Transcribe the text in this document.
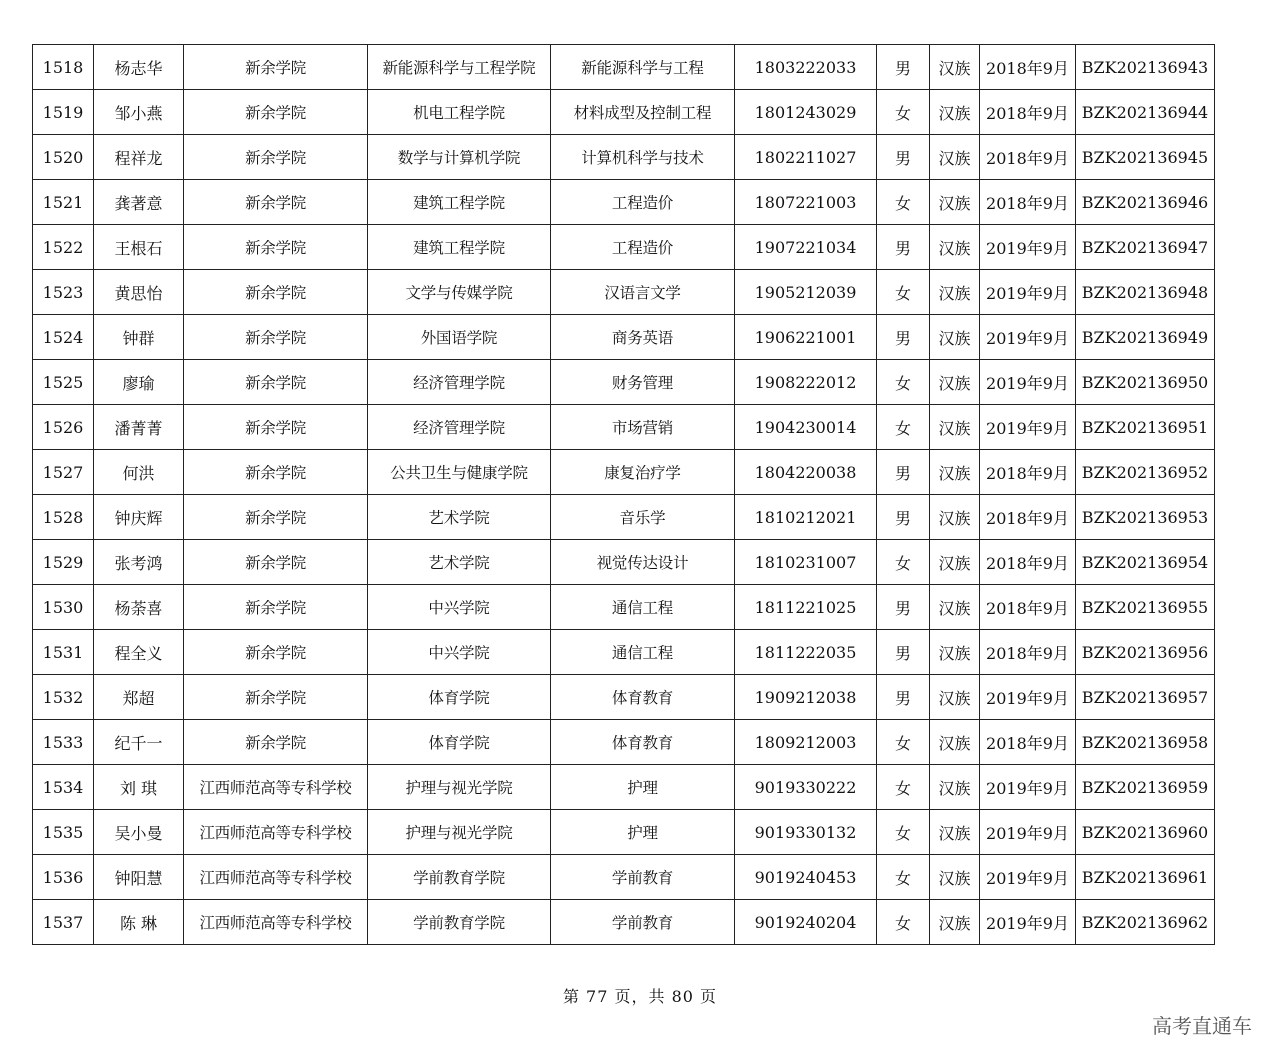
1518	杨志华	新余学院	新能源科学与工程学院	新能源科学与工程	1803222033	男	汉族	2018年9月	BZK202136943
1519	邹小燕	新余学院	机电工程学院	材料成型及控制工程	1801243029	女	汉族	2018年9月	BZK202136944
1520	程祥龙	新余学院	数学与计算机学院	计算机科学与技术	1802211027	男	汉族	2018年9月	BZK202136945
1521	龚著意	新余学院	建筑工程学院	工程造价	1807221003	女	汉族	2018年9月	BZK202136946
1522	王根石	新余学院	建筑工程学院	工程造价	1907221034	男	汉族	2019年9月	BZK202136947
1523	黄思怡	新余学院	文学与传媒学院	汉语言文学	1905212039	女	汉族	2019年9月	BZK202136948
1524	钟群	新余学院	外国语学院	商务英语	1906221001	男	汉族	2019年9月	BZK202136949
1525	廖瑜	新余学院	经济管理学院	财务管理	1908222012	女	汉族	2019年9月	BZK202136950
1526	潘菁菁	新余学院	经济管理学院	市场营销	1904230014	女	汉族	2019年9月	BZK202136951
1527	何洪	新余学院	公共卫生与健康学院	康复治疗学	1804220038	男	汉族	2018年9月	BZK202136952
1528	钟庆辉	新余学院	艺术学院	音乐学	1810212021	男	汉族	2018年9月	BZK202136953
1529	张考鸿	新余学院	艺术学院	视觉传达设计	1810231007	女	汉族	2018年9月	BZK202136954
1530	杨荼喜	新余学院	中兴学院	通信工程	1811221025	男	汉族	2018年9月	BZK202136955
1531	程全义	新余学院	中兴学院	通信工程	1811222035	男	汉族	2018年9月	BZK202136956
1532	郑超	新余学院	体育学院	体育教育	1909212038	男	汉族	2019年9月	BZK202136957
1533	纪千一	新余学院	体育学院	体育教育	1809212003	女	汉族	2018年9月	BZK202136958
1534	刘 琪	江西师范高等专科学校	护理与视光学院	护理	9019330222	女	汉族	2019年9月	BZK202136959
1535	吴小曼	江西师范高等专科学校	护理与视光学院	护理	9019330132	女	汉族	2019年9月	BZK202136960
1536	钟阳慧	江西师范高等专科学校	学前教育学院	学前教育	9019240453	女	汉族	2019年9月	BZK202136961
1537	陈 琳	江西师范高等专科学校	学前教育学院	学前教育	9019240204	女	汉族	2019年9月	BZK202136962
第 77 页，共 80 页
高考直通车
